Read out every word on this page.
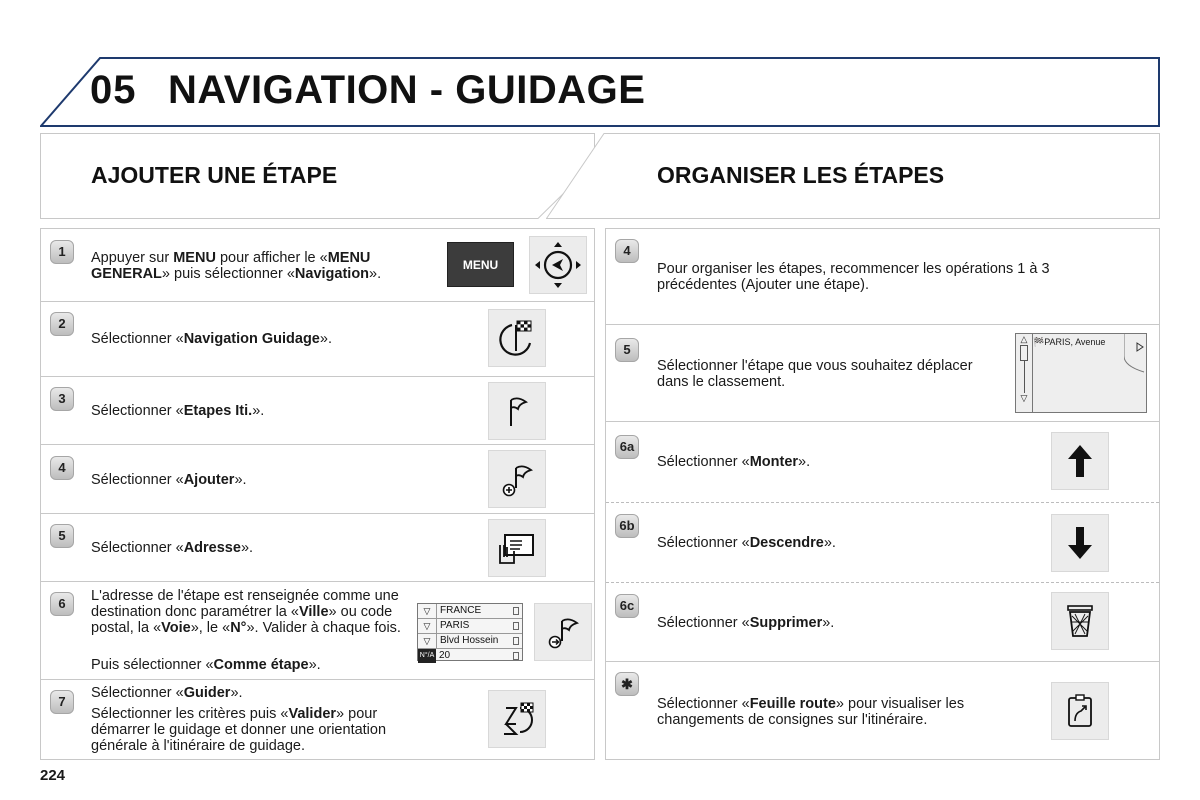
05 NAVIGATION - GUIDAGE
AJOUTER UNE ÉTAPE	ORGANISER LES ÉTAPES
1	Appuyer sur MENU pour afficher le «MENU GENERAL» puis sélectionner «Navigation».
MENU
2
Sélectionner «Navigation Guidage».
3
Sélectionner «Etapes Iti.».
4
Sélectionner «Ajouter».
5
Sélectionner «Adresse».
6	L'adresse de l'étape est renseignée comme une destination donc paramétrer la «Ville» ou code postal, la «Voie», le «N°». Valider à chaque fois.
Puis sélectionner «Comme étape».
▽ FRANCE
▽ PARIS
▽ Blvd Hossein
N°/A 20
7
Sélectionner «Guider».
Sélectionner les critères puis «Valider» pour démarrer le guidage et donner une orientation générale à l'itinéraire de guidage.
4
Pour organiser les étapes, recommencer les opérations 1 à 3 précédentes (Ajouter une étape).
5
Sélectionner l'étape que vous souhaitez déplacer dans le classement.
△
▽
🏁PARIS, Avenue
6a
Sélectionner «Monter».
6b
Sélectionner «Descendre».
6c
Sélectionner «Supprimer».
✱
Sélectionner «Feuille route» pour visualiser les changements de consignes sur l'itinéraire.
224
